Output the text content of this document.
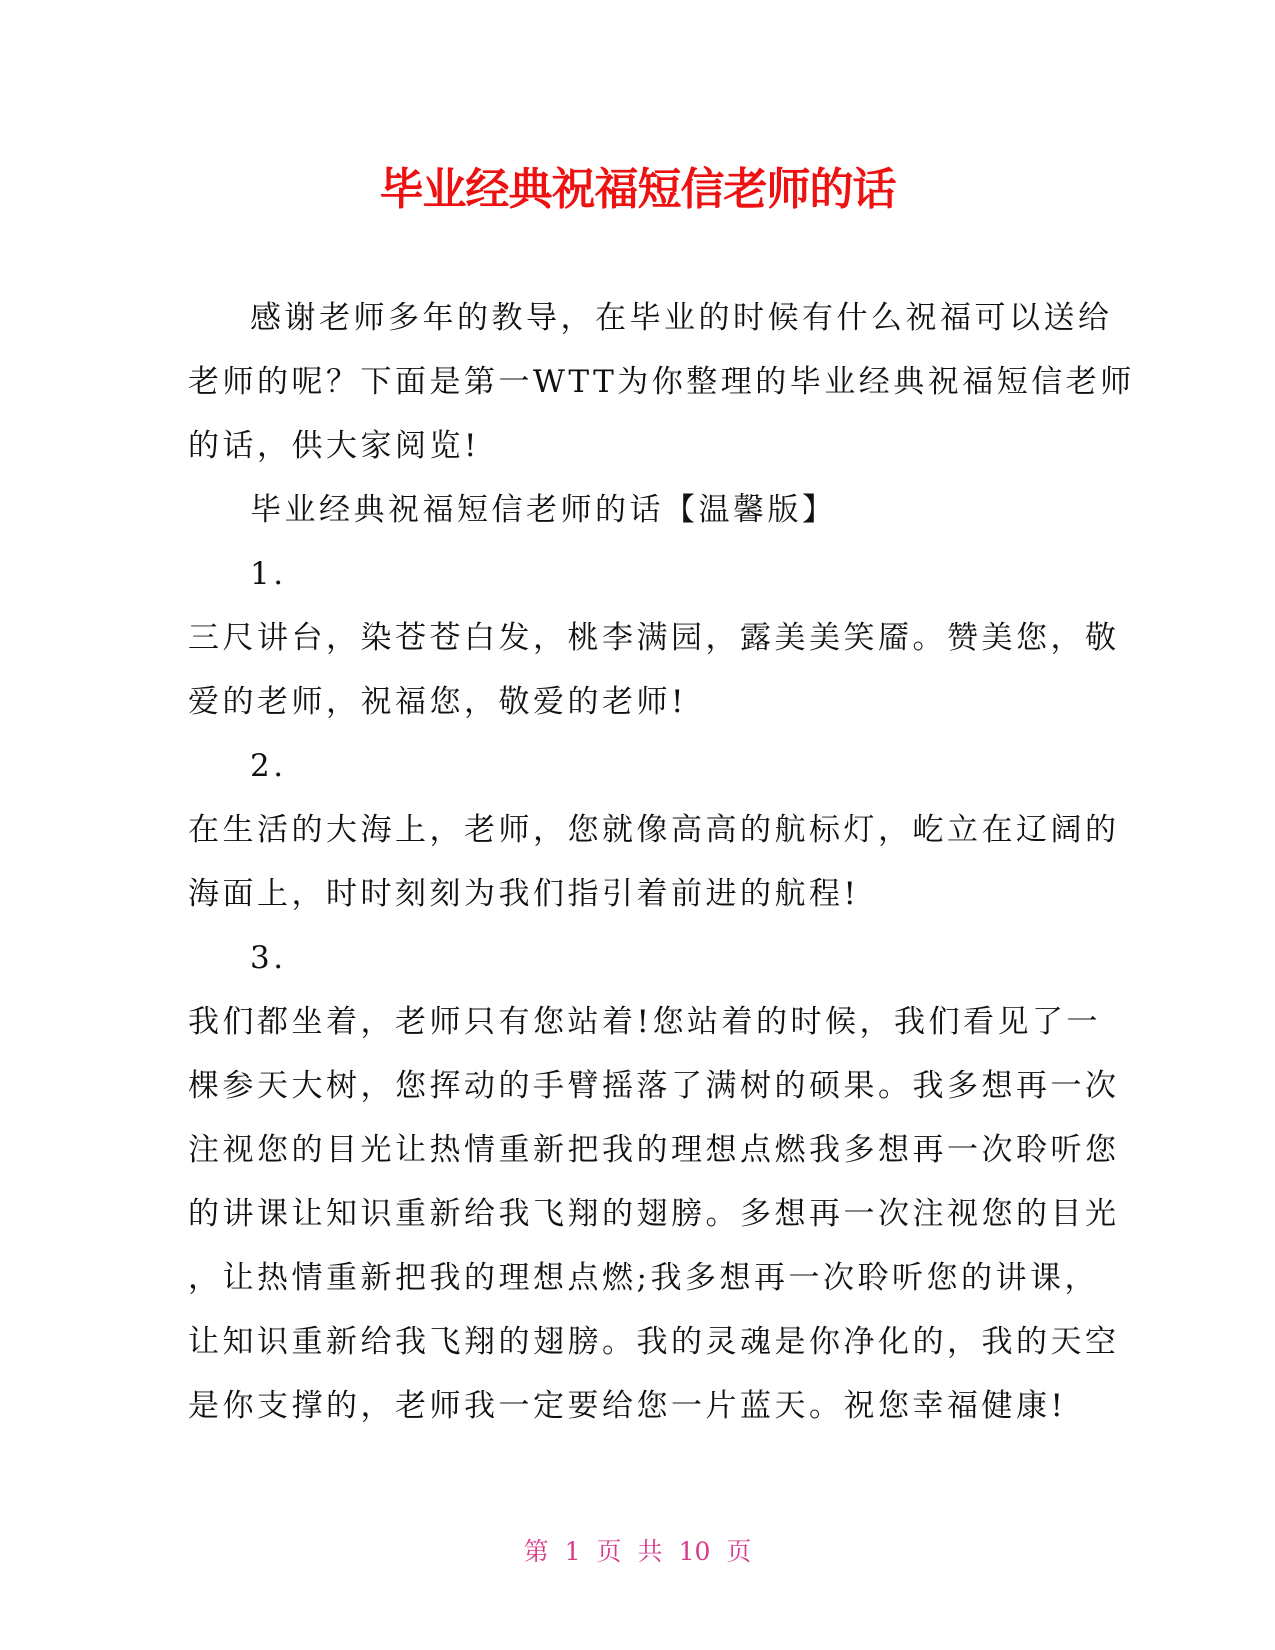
毕业经典祝福短信老师的话
感谢老师多年的教导，在毕业的时候有什么祝福可以送给
老师的呢？下面是第一WTT为你整理的毕业经典祝福短信老师
的话，供大家阅览!
毕业经典祝福短信老师的话【温馨版】
1.
三尺讲台，染苍苍白发，桃李满园，露美美笑靥。赞美您，敬
爱的老师，祝福您，敬爱的老师!
2.
在生活的大海上，老师，您就像高高的航标灯，屹立在辽阔的
海面上，时时刻刻为我们指引着前进的航程!
3.
我们都坐着，老师只有您站着!您站着的时候，我们看见了一
棵参天大树，您挥动的手臂摇落了满树的硕果。我多想再一次
注视您的目光让热情重新把我的理想点燃我多想再一次聆听您
的讲课让知识重新给我飞翔的翅膀。多想再一次注视您的目光
，让热情重新把我的理想点燃;我多想再一次聆听您的讲课，
让知识重新给我飞翔的翅膀。我的灵魂是你净化的，我的天空
是你支撑的，老师我一定要给您一片蓝天。祝您幸福健康!
第 1 页 共 10 页
